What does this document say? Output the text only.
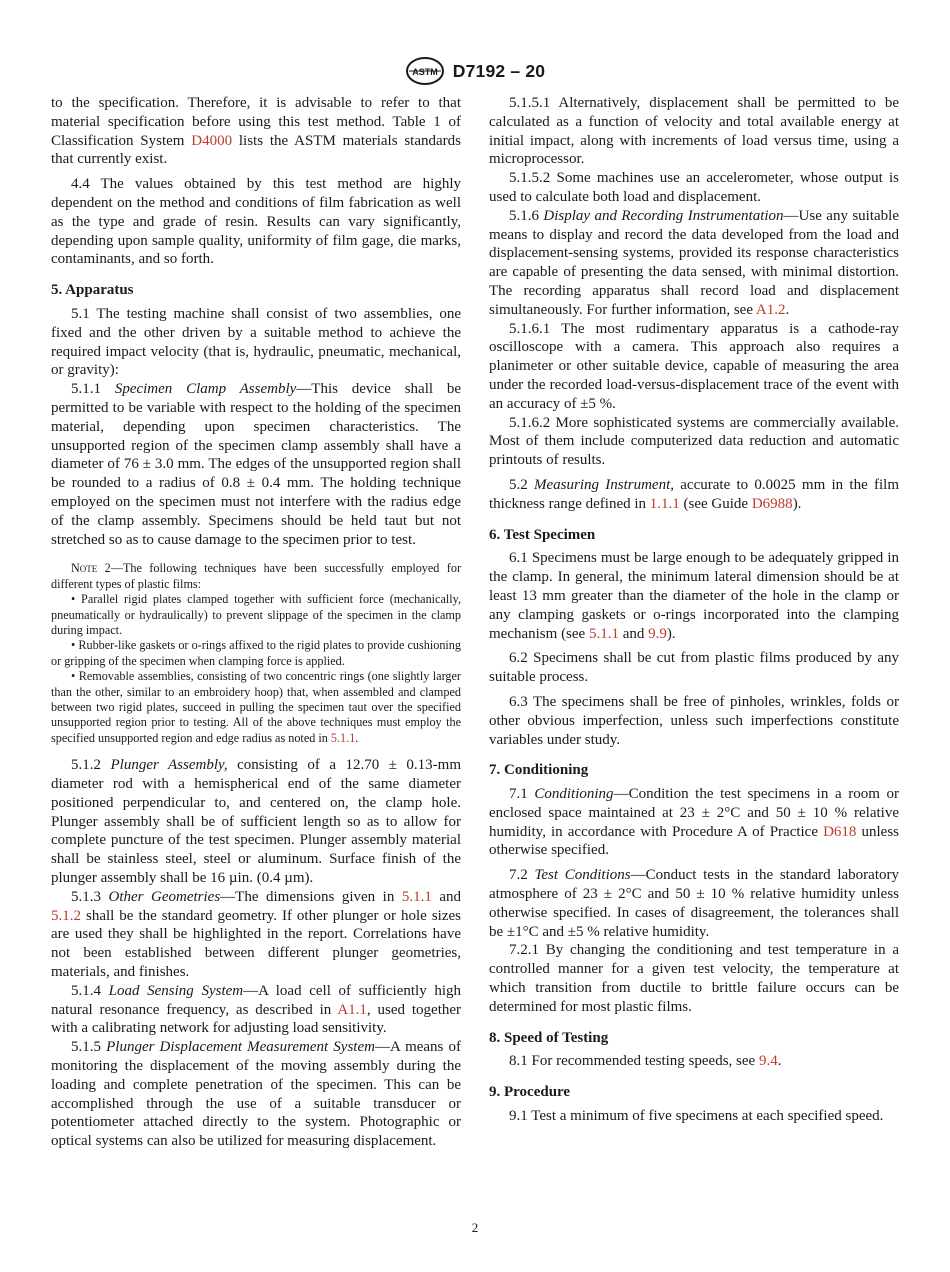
ASTM D7192 – 20

to the specification. Therefore, it is advisable to refer to that material specification before using this test method. Table 1 of Classification System D4000 lists the ASTM materials standards that currently exist.

4.4 The values obtained by this test method are highly dependent on the method and conditions of film fabrication as well as the type and grade of resin. Results can vary significantly, depending upon sample quality, uniformity of film gage, die marks, contaminants, and so forth.

5. Apparatus

5.1 The testing machine shall consist of two assemblies, one fixed and the other driven by a suitable method to achieve the required impact velocity (that is, hydraulic, pneumatic, mechanical, or gravity):

5.1.1 Specimen Clamp Assembly—This device shall be permitted to be variable with respect to the holding of the specimen material, depending upon specimen characteristics. The unsupported region of the specimen clamp assembly shall have a diameter of 76 ± 3.0 mm. The edges of the unsupported region shall be rounded to a radius of 0.8 ± 0.4 mm. The holding technique employed on the specimen must not interfere with the radius edge of the clamp assembly. Specimens should be held taut but not stretched so as to cause damage to the specimen prior to test.

Note 2—The following techniques have been successfully employed for different types of plastic films:

• Parallel rigid plates clamped together with sufficient force (mechanically, pneumatically or hydraulically) to prevent slippage of the specimen in the clamp during impact.

• Rubber-like gaskets or o-rings affixed to the rigid plates to provide cushioning or gripping of the specimen when clamping force is applied.

• Removable assemblies, consisting of two concentric rings (one slightly larger than the other, similar to an embroidery hoop) that, when assembled and clamped between two rigid plates, succeed in pulling the specimen taut over the specified unsupported region prior to testing. All of the above techniques must employ the specified unsupported region and edge radius as noted in 5.1.1.

5.1.2 Plunger Assembly, consisting of a 12.70 ± 0.13-mm diameter rod with a hemispherical end of the same diameter positioned perpendicular to, and centered on, the clamp hole. Plunger assembly shall be of sufficient length so as to allow for complete puncture of the test specimen. Plunger assembly material shall be stainless steel, steel or aluminum. Surface finish of the plunger assembly shall be 16 µin. (0.4 µm).

5.1.3 Other Geometries—The dimensions given in 5.1.1 and 5.1.2 shall be the standard geometry. If other plunger or hole sizes are used they shall be highlighted in the report. Correlations have not been established between different plunger geometries, materials, and finishes.

5.1.4 Load Sensing System—A load cell of sufficiently high natural resonance frequency, as described in A1.1, used together with a calibrating network for adjusting load sensitivity.

5.1.5 Plunger Displacement Measurement System—A means of monitoring the displacement of the moving assembly during the loading and complete penetration of the specimen. This can be accomplished through the use of a suitable transducer or potentiometer attached directly to the system. Photographic or optical systems can also be utilized for measuring displacement.

5.1.5.1 Alternatively, displacement shall be permitted to be calculated as a function of velocity and total available energy at initial impact, along with increments of load versus time, using a microprocessor.

5.1.5.2 Some machines use an accelerometer, whose output is used to calculate both load and displacement.

5.1.6 Display and Recording Instrumentation—Use any suitable means to display and record the data developed from the load and displacement-sensing systems, provided its response characteristics are capable of presenting the data sensed, with minimal distortion. The recording apparatus shall record load and displacement simultaneously. For further information, see A1.2.

5.1.6.1 The most rudimentary apparatus is a cathode-ray oscilloscope with a camera. This approach also requires a planimeter or other suitable device, capable of measuring the area under the recorded load-versus-displacement trace of the event with an accuracy of ±5 %.

5.1.6.2 More sophisticated systems are commercially available. Most of them include computerized data reduction and automatic printouts of results.

5.2 Measuring Instrument, accurate to 0.0025 mm in the film thickness range defined in 1.1.1 (see Guide D6988).

6. Test Specimen

6.1 Specimens must be large enough to be adequately gripped in the clamp. In general, the minimum lateral dimension should be at least 13 mm greater than the diameter of the hole in the clamp or any clamping gaskets or o-rings incorporated into the clamping mechanism (see 5.1.1 and 9.9).

6.2 Specimens shall be cut from plastic films produced by any suitable process.

6.3 The specimens shall be free of pinholes, wrinkles, folds or other obvious imperfection, unless such imperfections constitute variables under study.

7. Conditioning

7.1 Conditioning—Condition the test specimens in a room or enclosed space maintained at 23 ± 2°C and 50 ± 10 % relative humidity, in accordance with Procedure A of Practice D618 unless otherwise specified.

7.2 Test Conditions—Conduct tests in the standard laboratory atmosphere of 23 ± 2°C and 50 ± 10 % relative humidity unless otherwise specified. In cases of disagreement, the tolerances shall be ±1°C and ±5 % relative humidity.

7.2.1 By changing the conditioning and test temperature in a controlled manner for a given test velocity, the temperature at which transition from ductile to brittle failure occurs can be determined for most plastic films.

8. Speed of Testing

8.1 For recommended testing speeds, see 9.4.

9. Procedure

9.1 Test a minimum of five specimens at each specified speed.

2
